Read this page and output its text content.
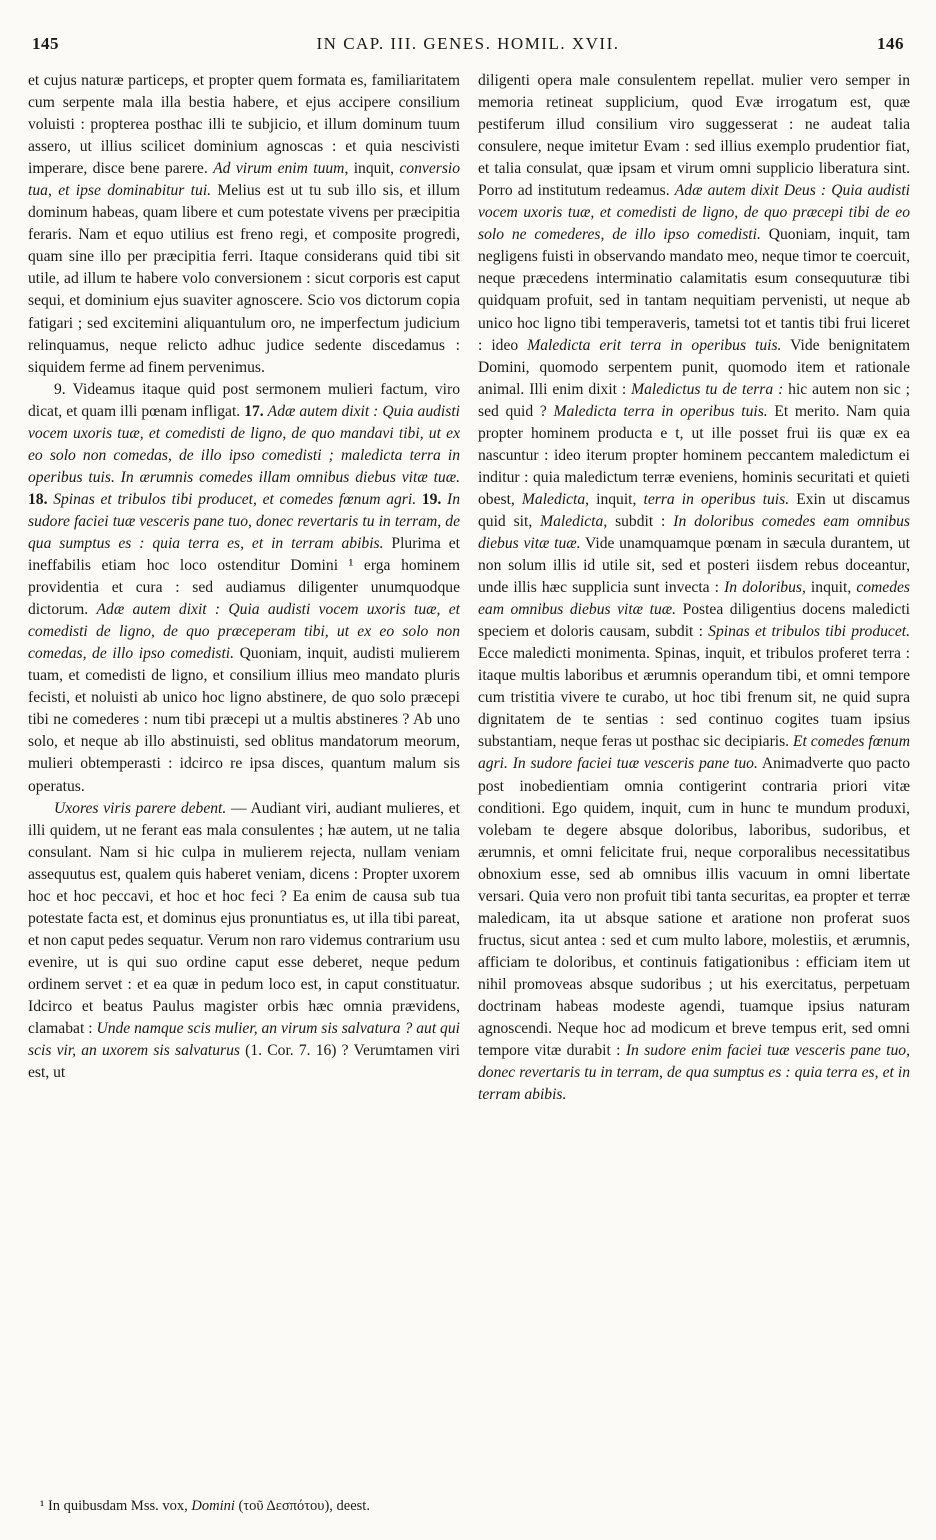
145	IN CAP. III. GENES. HOMIL. XVII.	146

et cujus naturæ particeps, et propter quem formata es, familiaritatem cum serpente mala illa bestia habere, et ejus accipere consilium voluisti : propterea posthac illi te subjicio, et illum dominum tuum assero, ut illius scilicet dominium agnoscas : et quia nescivisti imperare, disce bene parere. Ad virum enim tuum, inquit, conversio tua, et ipse dominabitur tui. Melius est ut tu sub illo sis, et illum dominum habeas, quam libere et cum potestate vivens per præcipitia feraris. Nam et equo utilius est freno regi, et composite progredi, quam sine illo per præcipitia ferri. Itaque considerans quid tibi sit utile, ad illum te habere volo conversionem : sicut corporis est caput sequi, et dominium ejus suaviter agnoscere. Scio vos dictorum copia fatigari ; sed excitemini aliquantulum oro, ne imperfectum judicium relinquamus, neque relicto adhuc judice sedente discedamus : siquidem ferme ad finem pervenimus.

9. Videamus itaque quid post sermonem mulieri factum, viro dicat, et quam illi pœnam infligat. 17. Adæ autem dixit : Quia audisti vocem uxoris tuæ, et comedisti de ligno, de quo mandavi tibi, ut ex eo solo non comedas, de illo ipso comedisti ; maledicta terra in operibus tuis. In ærumnis comedes illam omnibus diebus vitæ tuæ. 18. Spinas et tribulos tibi producet, et comedes fœnum agri. 19. In sudore faciei tuæ vesceris pane tuo, donec revertaris tu in terram, de qua sumptus es : quia terra es, et in terram abibis. Plurima et ineffabilis etiam hoc loco ostenditur Domini ¹ erga hominem providentia et cura : sed audiamus diligenter unumquodque dictorum. Adæ autem dixit : Quia audisti vocem uxoris tuæ, et comedisti de ligno, de quo præceperam tibi, ut ex eo solo non comedas, de illo ipso comedisti. Quoniam, inquit, audisti mulierem tuam, et comedisti de ligno, et consilium illius meo mandato pluris fecisti, et noluisti ab unico hoc ligno abstinere, de quo solo præcepi tibi ne comederes : num tibi præcepi ut a multis abstineres ? Ab uno solo, et neque ab illo abstinuisti, sed oblitus mandatorum meorum, mulieri obtemperasti : idcirco re ipsa disces, quantum malum sis operatus.

Uxores viris parere debent. — Audiant viri, audiant mulieres, et illi quidem, ut ne ferant eas mala consulentes ; hæ autem, ut ne talia consulant. Nam si hic culpa in mulierem rejecta, nullam veniam assequutus est, qualem quis haberet veniam, dicens : Propter uxorem hoc et hoc peccavi, et hoc et hoc feci ? Ea enim de causa sub tua potestate facta est, et dominus ejus pronuntiatus es, ut illa tibi pareat, et non caput pedes sequatur. Verum non raro videmus contrarium usu evenire, ut is qui suo ordine caput esse deberet, neque pedum ordinem servet : et ea quæ in pedum loco est, in caput constituatur. Idcirco et beatus Paulus magister orbis hæc omnia prævidens, clamabat : Unde namque scis mulier, an virum sis salvatura ? aut qui scis vir, an uxorem sis salvaturus (1. Cor. 7. 16) ? Verumtamen viri est, ut

diligenti opera male consulentem repellat. mulier vero semper in memoria retineat supplicium, quod Evæ irrogatum est, quæ pestiferum illud consilium viro suggesserat : ne audeat talia consulere, neque imitetur Evam : sed illius exemplo prudentior fiat, et talia consulat, quæ ipsam et virum omni supplicio liberatura sint. Porro ad institutum redeamus. Adæ autem dixit Deus : Quia audisti vocem uxoris tuæ, et comedisti de ligno, de quo præcepi tibi de eo solo ne comederes, de illo ipso comedisti. Quoniam, inquit, tam negligens fuisti in observando mandato meo, neque timor te coercuit, neque præcedens interminatio calamitatis esum consequuturæ tibi quidquam profuit, sed in tantam nequitiam pervenisti, ut neque ab unico hoc ligno tibi temperaveris, tametsi tot et tantis tibi frui liceret : ideo Maledicta erit terra in operibus tuis. Vide benignitatem Domini, quomodo serpentem punit, quomodo item et rationale animal. Illi enim dixit : Maledictus tu de terra : hic autem non sic ; sed quid ? Maledicta terra in operibus tuis. Et merito. Nam quia propter hominem producta e t, ut ille posset frui iis quæ ex ea nascuntur : ideo iterum propter hominem peccantem maledictum ei inditur : quia maledictum terræ eveniens, hominis securitati et quieti obest, Maledicta, inquit, terra in operibus tuis. Exin ut discamus quid sit, Maledicta, subdit : In doloribus comedes eam omnibus diebus vitæ tuæ. Vide unamquamque pœnam in sæcula durantem, ut non solum illis id utile sit, sed et posteri iisdem rebus doceantur, unde illis hæc supplicia sunt inveсta : In doloribus, inquit, comedes eam omnibus diebus vitæ tuæ. Postea diligentius docens maledicti speciem et doloris causam, subdit : Spinas et tribulos tibi producet. Ecce maledicti monimenta. Spinas, inquit, et tribulos proferet terra : itaque multis laboribus et ærumnis operandum tibi, et omni tempore cum tristitia vivere te curabo, ut hoc tibi frenum sit, ne quid supra dignitatem de te sentias : sed continuo cogites tuam ipsius substantiam, neque feras ut posthac sic decipiaris. Et comedes fœnum agri. In sudore faciei tuæ vesceris pane tuo. Animadverte quo pacto post inobedientiam omnia contigerint contraria priori vitæ conditioni. Ego quidem, inquit, cum in hunc te mundum produxi, volebam te degere absque doloribus, laboribus, sudoribus, et ærumnis, et omni felicitate frui, neque corporalibus necessitatibus obnoxium esse, sed ab omnibus illis vacuum in omni libertate versari. Quia vero non profuit tibi tanta securitas, ea propter et terræ maledicam, ita ut absque satione et aratione non proferat suos fructus, sicut antea : sed et cum multo labore, molestiis, et ærumnis, afficiam te doloribus, et continuis fatigationibus : efficiam item ut nihil promoveas absque sudoribus ; ut his exercitatus, perpetuam doctrinam habeas modeste agendi, tuamque ipsius naturam agnoscendi. Neque hoc ad modicum et breve tempus erit, sed omni tempore vitæ durabit : In sudore enim faciei tuæ vesceris pane tuo, donec revertaris tu in terram, de qua sumptus es : quia terra es, et in terram abibis.

¹ In quibusdam Mss. vox, Domini (τοῦ Δεσπότου), deest.
